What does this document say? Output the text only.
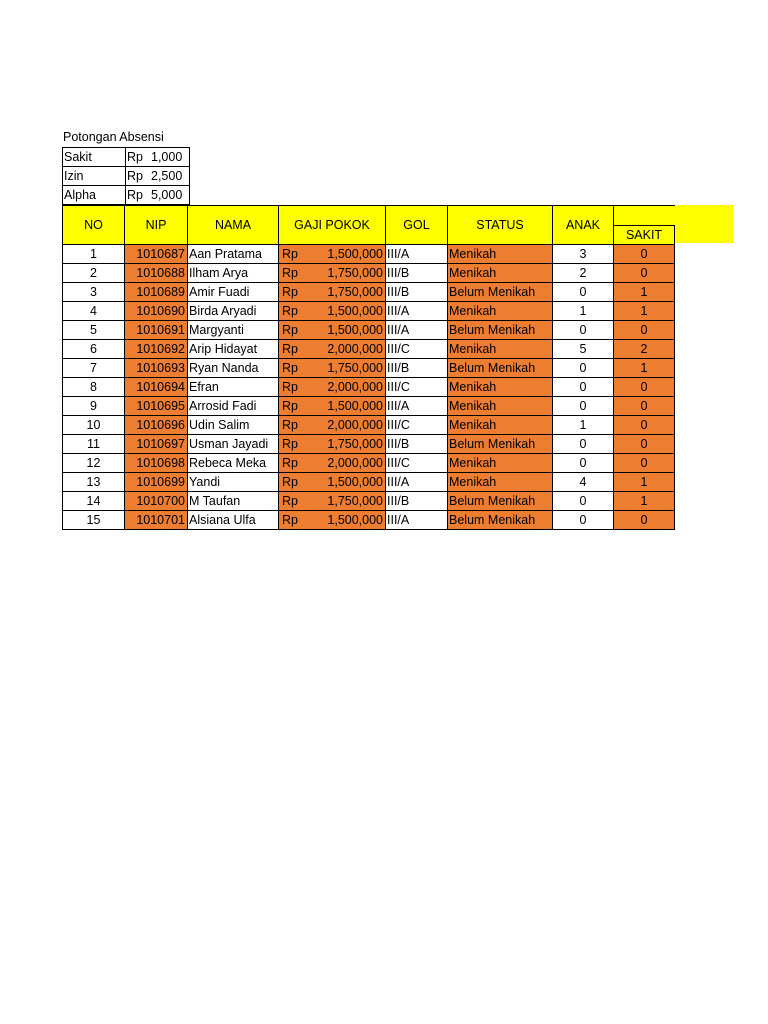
Potongan Absensi
Sakit	Rp 1,000
Izin	Rp 2,500
Alpha	Rp 5,000
NO	NIP	NAMA	GAJI POKOK	GOL	STATUS	ANAK	
							SAKIT
1	1010687	Aan Pratama	Rp 1,500,000	III/A	Menikah	3	0
2	1010688	Ilham Arya	Rp 1,750,000	III/B	Menikah	2	0
3	1010689	Amir Fuadi	Rp 1,750,000	III/B	Belum Menikah	0	1
4	1010690	Birda Aryadi	Rp 1,500,000	III/A	Menikah	1	1
5	1010691	Margyanti	Rp 1,500,000	III/A	Belum Menikah	0	0
6	1010692	Arip Hidayat	Rp 2,000,000	III/C	Menikah	5	2
7	1010693	Ryan Nanda	Rp 1,750,000	III/B	Belum Menikah	0	1
8	1010694	Efran	Rp 2,000,000	III/C	Menikah	0	0
9	1010695	Arrosid Fadi	Rp 1,500,000	III/A	Menikah	0	0
10	1010696	Udin Salim	Rp 2,000,000	III/C	Menikah	1	0
11	1010697	Usman Jayadi	Rp 1,750,000	III/B	Belum Menikah	0	0
12	1010698	Rebeca Meka	Rp 2,000,000	III/C	Menikah	0	0
13	1010699	Yandi	Rp 1,500,000	III/A	Menikah	4	1
14	1010700	M Taufan	Rp 1,750,000	III/B	Belum Menikah	0	1
15	1010701	Alsiana Ulfa	Rp 1,500,000	III/A	Belum Menikah	0	0
